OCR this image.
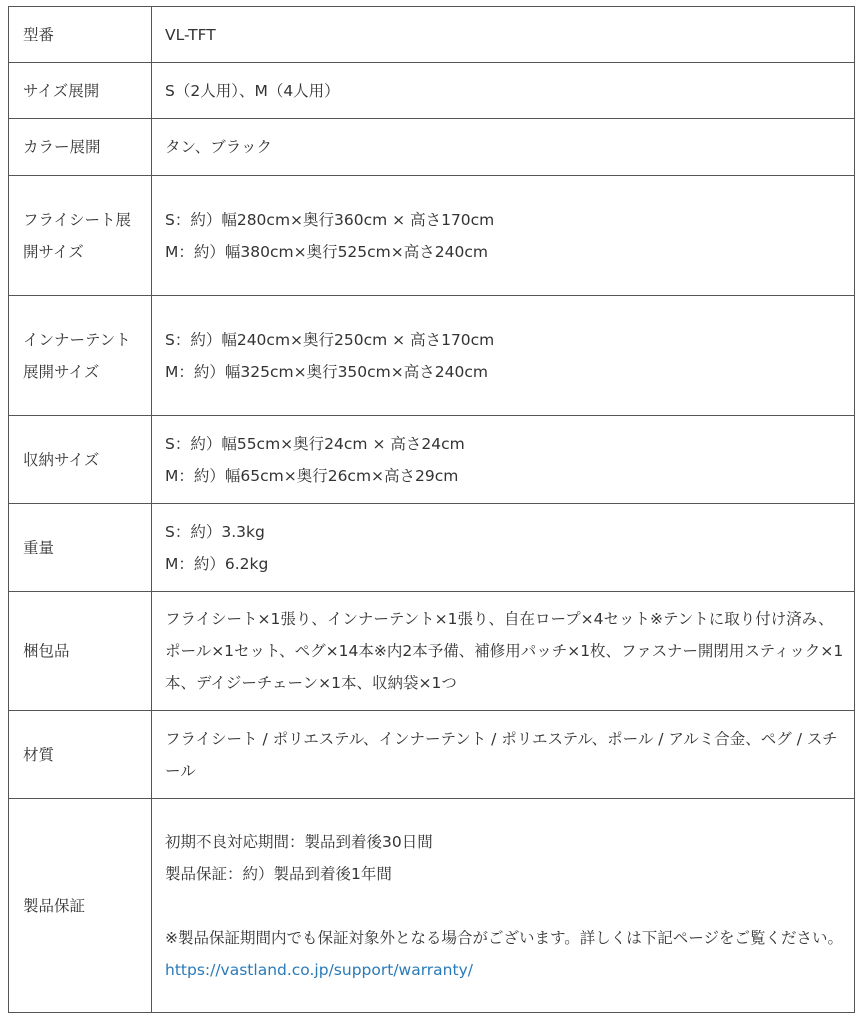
型番	VL-TFT

サイズ展開	S（2人用）、M（4人用）

カラー展開	タン、ブラック

フライシート展開サイズ	S：約）幅280cm×奥行360cm × 高さ170cm
M：約）幅380cm×奥行525cm×高さ240cm

インナーテント展開サイズ	S：約）幅240cm×奥行250cm × 高さ170cm
M：約）幅325cm×奥行350cm×高さ240cm

収納サイズ	S：約）幅55cm×奥行24cm × 高さ24cm
M：約）幅65cm×奥行26cm×高さ29cm

重量	S：約）3.3kg
M：約）6.2kg

梱包品	フライシート×1張り、インナーテント×1張り、自在ロープ×4セット※テントに取り付け済み、ポール×1セット、ペグ×14本※内2本予備、補修用パッチ×1枚、ファスナー開閉用スティック×1本、デイジーチェーン×1本、収納袋×1つ
材質	フライシート / ポリエステル、インナーテント / ポリエステル、ポール / アルミ合金、ペグ / スチール
製品保証	初期不良対応期間：製品到着後30日間
製品保証：約）製品到着後1年間
※製品保証期間内でも保証対象外となる場合がございます。詳しくは下記ページをご覧ください。
https://vastland.co.jp/support/warranty/
